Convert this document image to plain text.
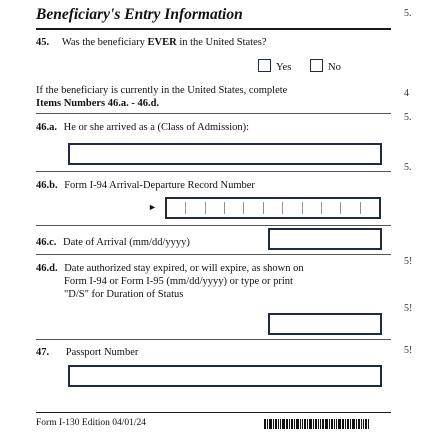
Beneficiary's Entry Information	5.
4
5.
5.
5!
5!
5!
45. Was the beneficiary EVER in the United States?
Yes	No
If the beneficiary is currently in the United States, complete
Items Numbers 46.a. - 46.d.
46.a. He or she arrived as a (Class of Admission):
46.b. Form I-94 Arrival-Departure Record Number
►
46.c. Date of Arrival (mm/dd/yyyy)
46.d. Date authorized stay expired, or will expire, as shown on
Form I-94 or Form I-95 (mm/dd/yyyy) or type or print
"D/S" for Duration of Status
47. Passport Number
Form I-130 Edition 04/01/24
